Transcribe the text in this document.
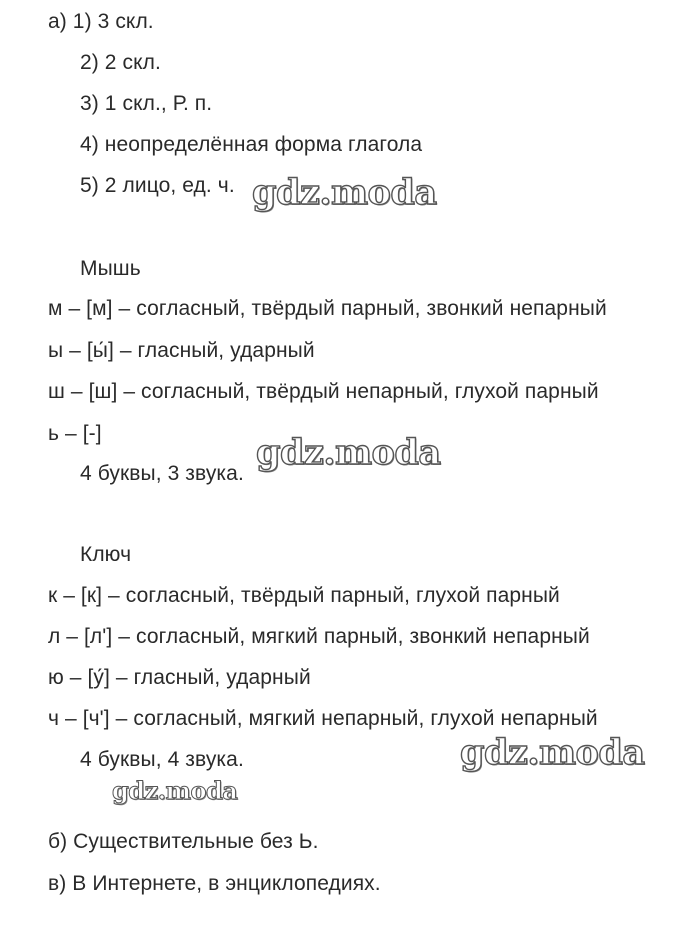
а) 1) 3 скл.
2) 2 скл.
3) 1 скл., Р. п.
4) неопределённая форма глагола
5) 2 лицо, ед. ч.
Мышь
м – [м] – согласный, твёрдый парный, звонкий непарный
ы – [ы́] – гласный, ударный
ш – [ш] – согласный, твёрдый непарный, глухой парный
ь – [-]
4 буквы, 3 звука.
Ключ
к – [к] – согласный, твёрдый парный, глухой парный
л – [л'] – согласный, мягкий парный, звонкий непарный
ю – [у́] – гласный, ударный
ч – [ч'] – согласный, мягкий непарный, глухой непарный
4 буквы, 4 звука.
б) Существительные без Ь.
в) В Интернете, в энциклопедиях.
gdz.moda
gdz.moda
gdz.moda
gdz.moda
